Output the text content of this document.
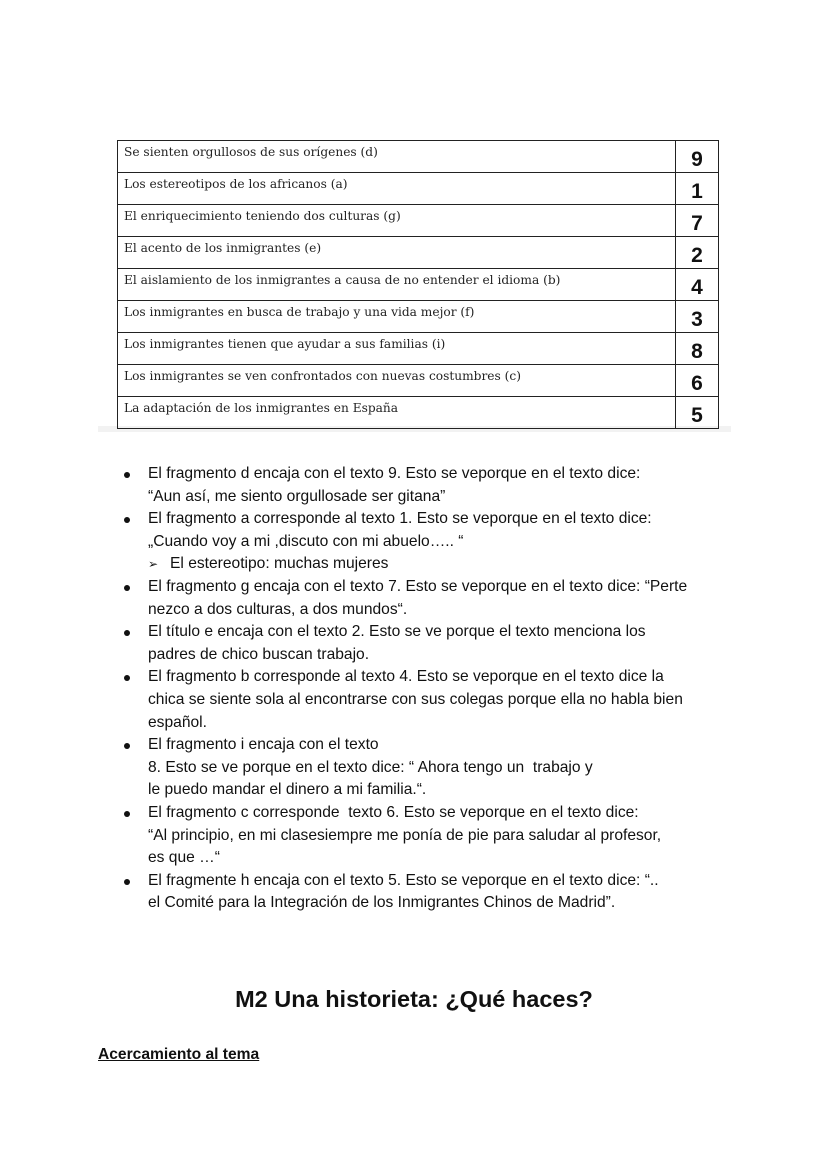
Se sienten orgullosos de sus orígenes (d)	9
Los estereotipos de los africanos (a)	1
El enriquecimiento teniendo dos culturas (g)	7
El acento de los inmigrantes (e)	2
El aislamiento de los inmigrantes a causa de no entender el idioma (b)	4
Los inmigrantes en busca de trabajo y una vida mejor (f)	3
Los inmigrantes tienen que ayudar a sus familias (i)	8
Los inmigrantes se ven confrontados con nuevas costumbres (c)	6
La adaptación de los inmigrantes en España	5
El fragmento d encaja con el texto 9. Esto se veporque en el texto dice:
“Aun así, me siento orgullosade ser gitana”
El fragmento a corresponde al texto 1. Esto se veporque en el texto dice:
„Cuando voy a mi ,discuto con mi abuelo….. “
➢ El estereotipo: muchas mujeres
El fragmento g encaja con el texto 7. Esto se veporque en el texto dice: “Perte
nezco a dos culturas, a dos mundos“.
El título e encaja con el texto 2. Esto se ve porque el texto menciona los
padres de chico buscan trabajo.
El fragmento b corresponde al texto 4. Esto se veporque en el texto dice la
chica se siente sola al encontrarse con sus colegas porque ella no habla bien
español.
El fragmento i encaja con el texto
8. Esto se ve porque en el texto dice: “ Ahora tengo un  trabajo y
le puedo mandar el dinero a mi familia.“.
El fragmento c corresponde  texto 6. Esto se veporque en el texto dice:
“Al principio, en mi clasesiempre me ponía de pie para saludar al profesor,
es que …“
El fragmente h encaja con el texto 5. Esto se veporque en el texto dice: “..
el Comité para la Integración de los Inmigrantes Chinos de Madrid”.
M2 Una historieta: ¿Qué haces?
Acercamiento al tema
